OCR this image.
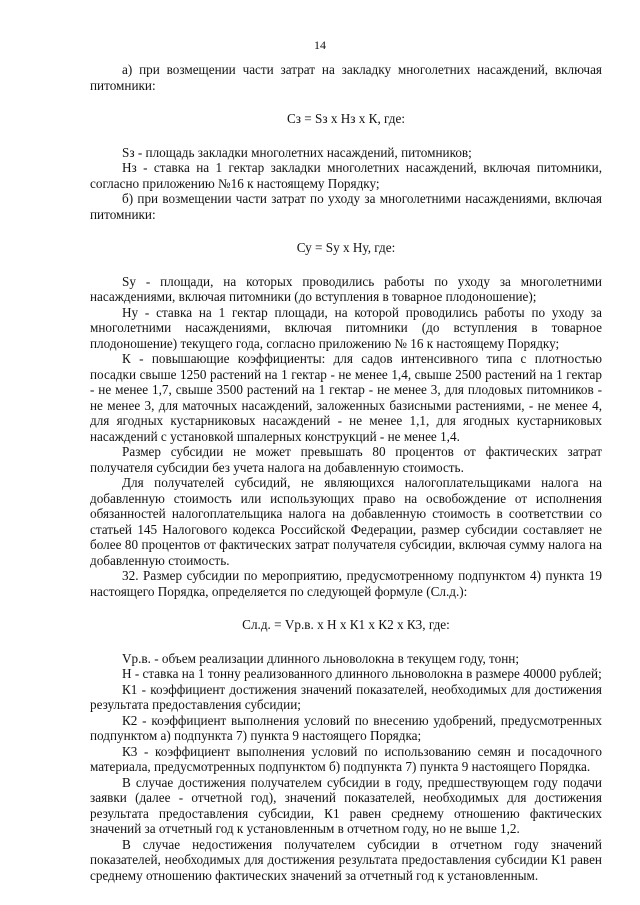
14

а) при возмещении части затрат на закладку многолетних насаждений, включая питомники:

Сз = Sз х Нз х К, где:

Sз - площадь закладки многолетних насаждений, питомников;

Нз - ставка на 1 гектар закладки многолетних насаждений, включая питомники, согласно приложению №16 к настоящему Порядку;

б) при возмещении части затрат по уходу за многолетними насаждениями, включая питомники:

Су = Sу х Ну, где:

Sу - площади, на которых проводились работы по уходу за многолетними насаждениями, включая питомники (до вступления в товарное плодоношение);

Ну - ставка на 1 гектар площади, на которой проводились работы по уходу за многолетними насаждениями, включая питомники (до вступления в товарное плодоношение) текущего года, согласно приложению № 16 к настоящему Порядку;

К - повышающие коэффициенты: для садов интенсивного типа с плотностью посадки свыше 1250 растений на 1 гектар - не менее 1,4, свыше 2500 растений на 1 гектар - не менее 1,7, свыше 3500 растений на 1 гектар - не менее 3, для плодовых питомников - не менее 3, для маточных насаждений, заложенных базисными растениями, - не менее 4, для ягодных кустарниковых насаждений - не менее 1,1, для ягодных кустарниковых насаждений с установкой шпалерных конструкций - не менее 1,4.

Размер субсидии не может превышать 80 процентов от фактических затрат получателя субсидии без учета налога на добавленную стоимость.

Для получателей субсидий, не являющихся налогоплательщиками налога на добавленную стоимость или использующих право на освобождение от исполнения обязанностей налогоплательщика налога на добавленную стоимость в соответствии со статьей 145 Налогового кодекса Российской Федерации, размер субсидии составляет не более 80 процентов от фактических затрат получателя субсидии, включая сумму налога на добавленную стоимость.

32. Размер субсидии по мероприятию, предусмотренному подпунктом 4) пункта 19 настоящего Порядка, определяется по следующей формуле (Сл.д.):

Сл.д. = Vр.в. х Н х К1 х К2 х К3, где:

Vр.в. - объем реализации длинного льноволокна в текущем году, тонн;

Н - ставка на 1 тонну реализованного длинного льноволокна в размере 40000 рублей;

К1 - коэффициент достижения значений показателей, необходимых для достижения результата предоставления субсидии;

К2 - коэффициент выполнения условий по внесению удобрений, предусмотренных подпунктом а) подпункта 7) пункта 9 настоящего Порядка;

К3 - коэффициент выполнения условий по использованию семян и посадочного материала, предусмотренных подпунктом б) подпункта 7) пункта 9 настоящего Порядка.

В случае достижения получателем субсидии в году, предшествующем году подачи заявки (далее - отчетной год), значений показателей, необходимых для достижения результата предоставления субсидии, К1 равен среднему отношению фактических значений за отчетный год к установленным в отчетном году, но не выше 1,2.

В случае недостижения получателем субсидии в отчетном году значений показателей, необходимых для достижения результата предоставления субсидии К1 равен среднему отношению фактических значений за отчетный год к установленным.
